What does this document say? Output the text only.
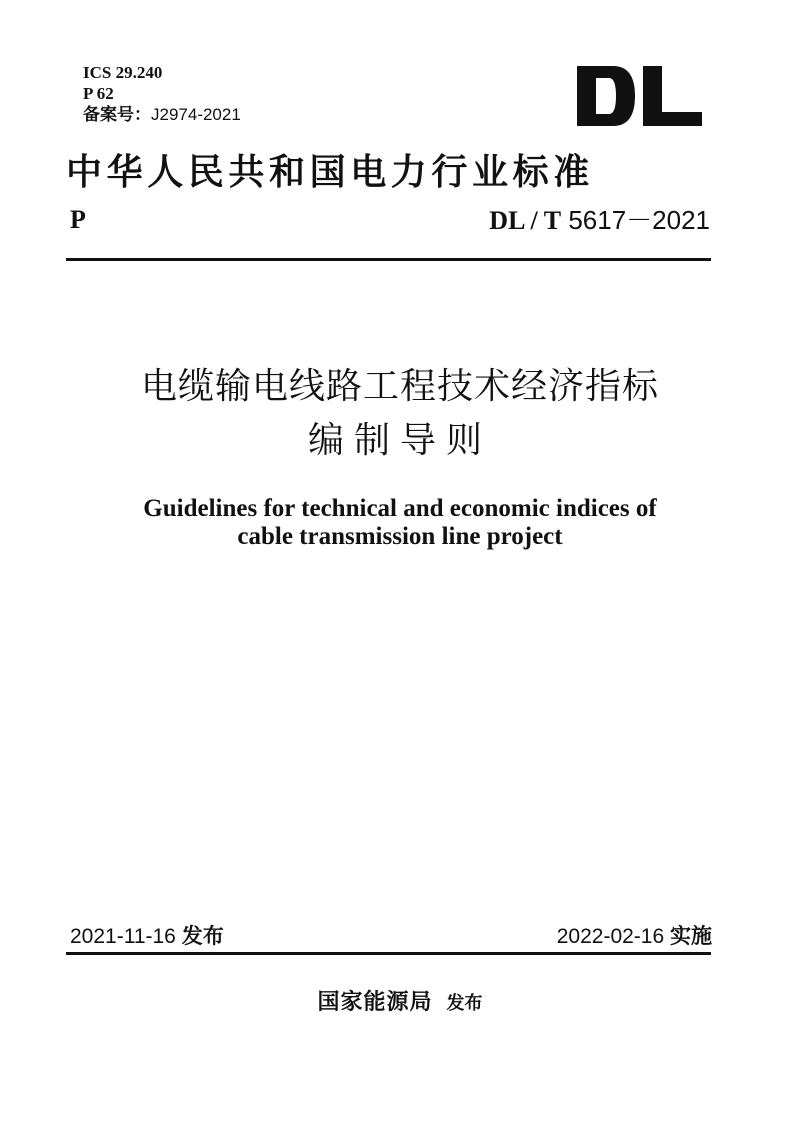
ICS 29.240
P 62
备案号：J2974-2021
中华人民共和国电力行业标准
P	DL / T 5617－2021
电缆输电线路工程技术经济指标
编制导则
Guidelines for technical and economic indices of
cable transmission line project
2021-11-16 发布	2022-02-16 实施
国家能源局 发布
